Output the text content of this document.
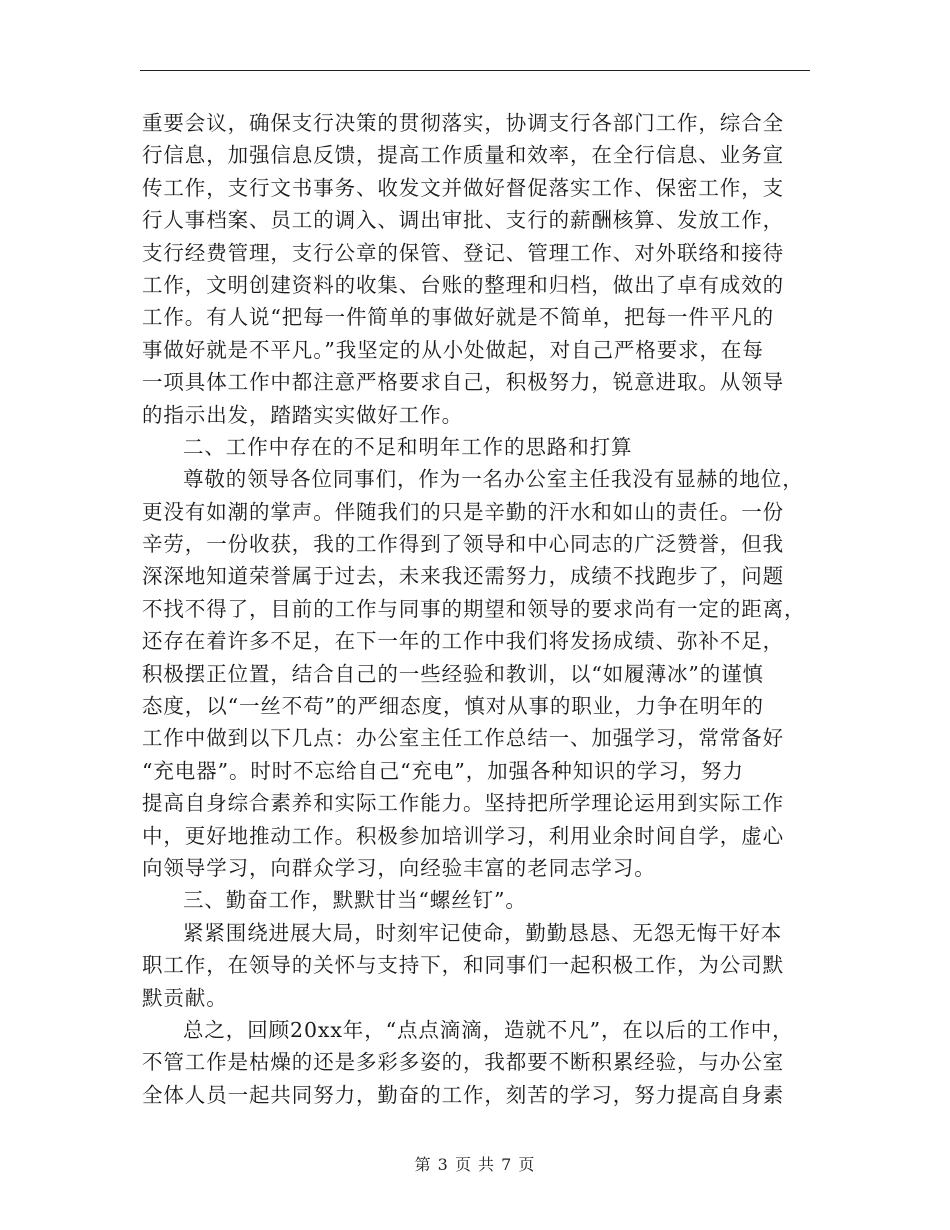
重要会议，确保支行决策的贯彻落实，协调支行各部门工作，综合全
行信息，加强信息反馈，提高工作质量和效率，在全行信息、业务宣
传工作，支行文书事务、收发文并做好督促落实工作、保密工作，支
行人事档案、员工的调入、调出审批、支行的薪酬核算、发放工作，
支行经费管理，支行公章的保管、登记、管理工作、对外联络和接待
工作，文明创建资料的收集、台账的整理和归档，做出了卓有成效的
工作。有人说“把每一件简单的事做好就是不简单，把每一件平凡的
事做好就是不平凡。”我坚定的从小处做起，对自己严格要求，在每
一项具体工作中都注意严格要求自己，积极努力，锐意进取。从领导
的指示出发，踏踏实实做好工作。
二、工作中存在的不足和明年工作的思路和打算
尊敬的领导各位同事们，作为一名办公室主任我没有显赫的地位，
更没有如潮的掌声。伴随我们的只是辛勤的汗水和如山的责任。一份
辛劳，一份收获，我的工作得到了领导和中心同志的广泛赞誉，但我
深深地知道荣誉属于过去，未来我还需努力，成绩不找跑步了，问题
不找不得了，目前的工作与同事的期望和领导的要求尚有一定的距离，
还存在着许多不足，在下一年的工作中我们将发扬成绩、弥补不足，
积极摆正位置，结合自己的一些经验和教训，以“如履薄冰”的谨慎
态度，以“一丝不苟”的严细态度，慎对从事的职业，力争在明年的
工作中做到以下几点：办公室主任工作总结一、加强学习，常常备好
“充电器”。时时不忘给自己“充电”，加强各种知识的学习，努力
提高自身综合素养和实际工作能力。坚持把所学理论运用到实际工作
中，更好地推动工作。积极参加培训学习，利用业余时间自学，虚心
向领导学习，向群众学习，向经验丰富的老同志学习。
三、勤奋工作，默默甘当“螺丝钉”。
紧紧围绕进展大局，时刻牢记使命，勤勤恳恳、无怨无悔干好本
职工作，在领导的关怀与支持下，和同事们一起积极工作，为公司默
默贡献。
总之，回顾20xx年，“点点滴滴，造就不凡”，在以后的工作中，
不管工作是枯燥的还是多彩多姿的，我都要不断积累经验，与办公室
全体人员一起共同努力，勤奋的工作，刻苦的学习，努力提高自身素
第 3 页 共 7 页
